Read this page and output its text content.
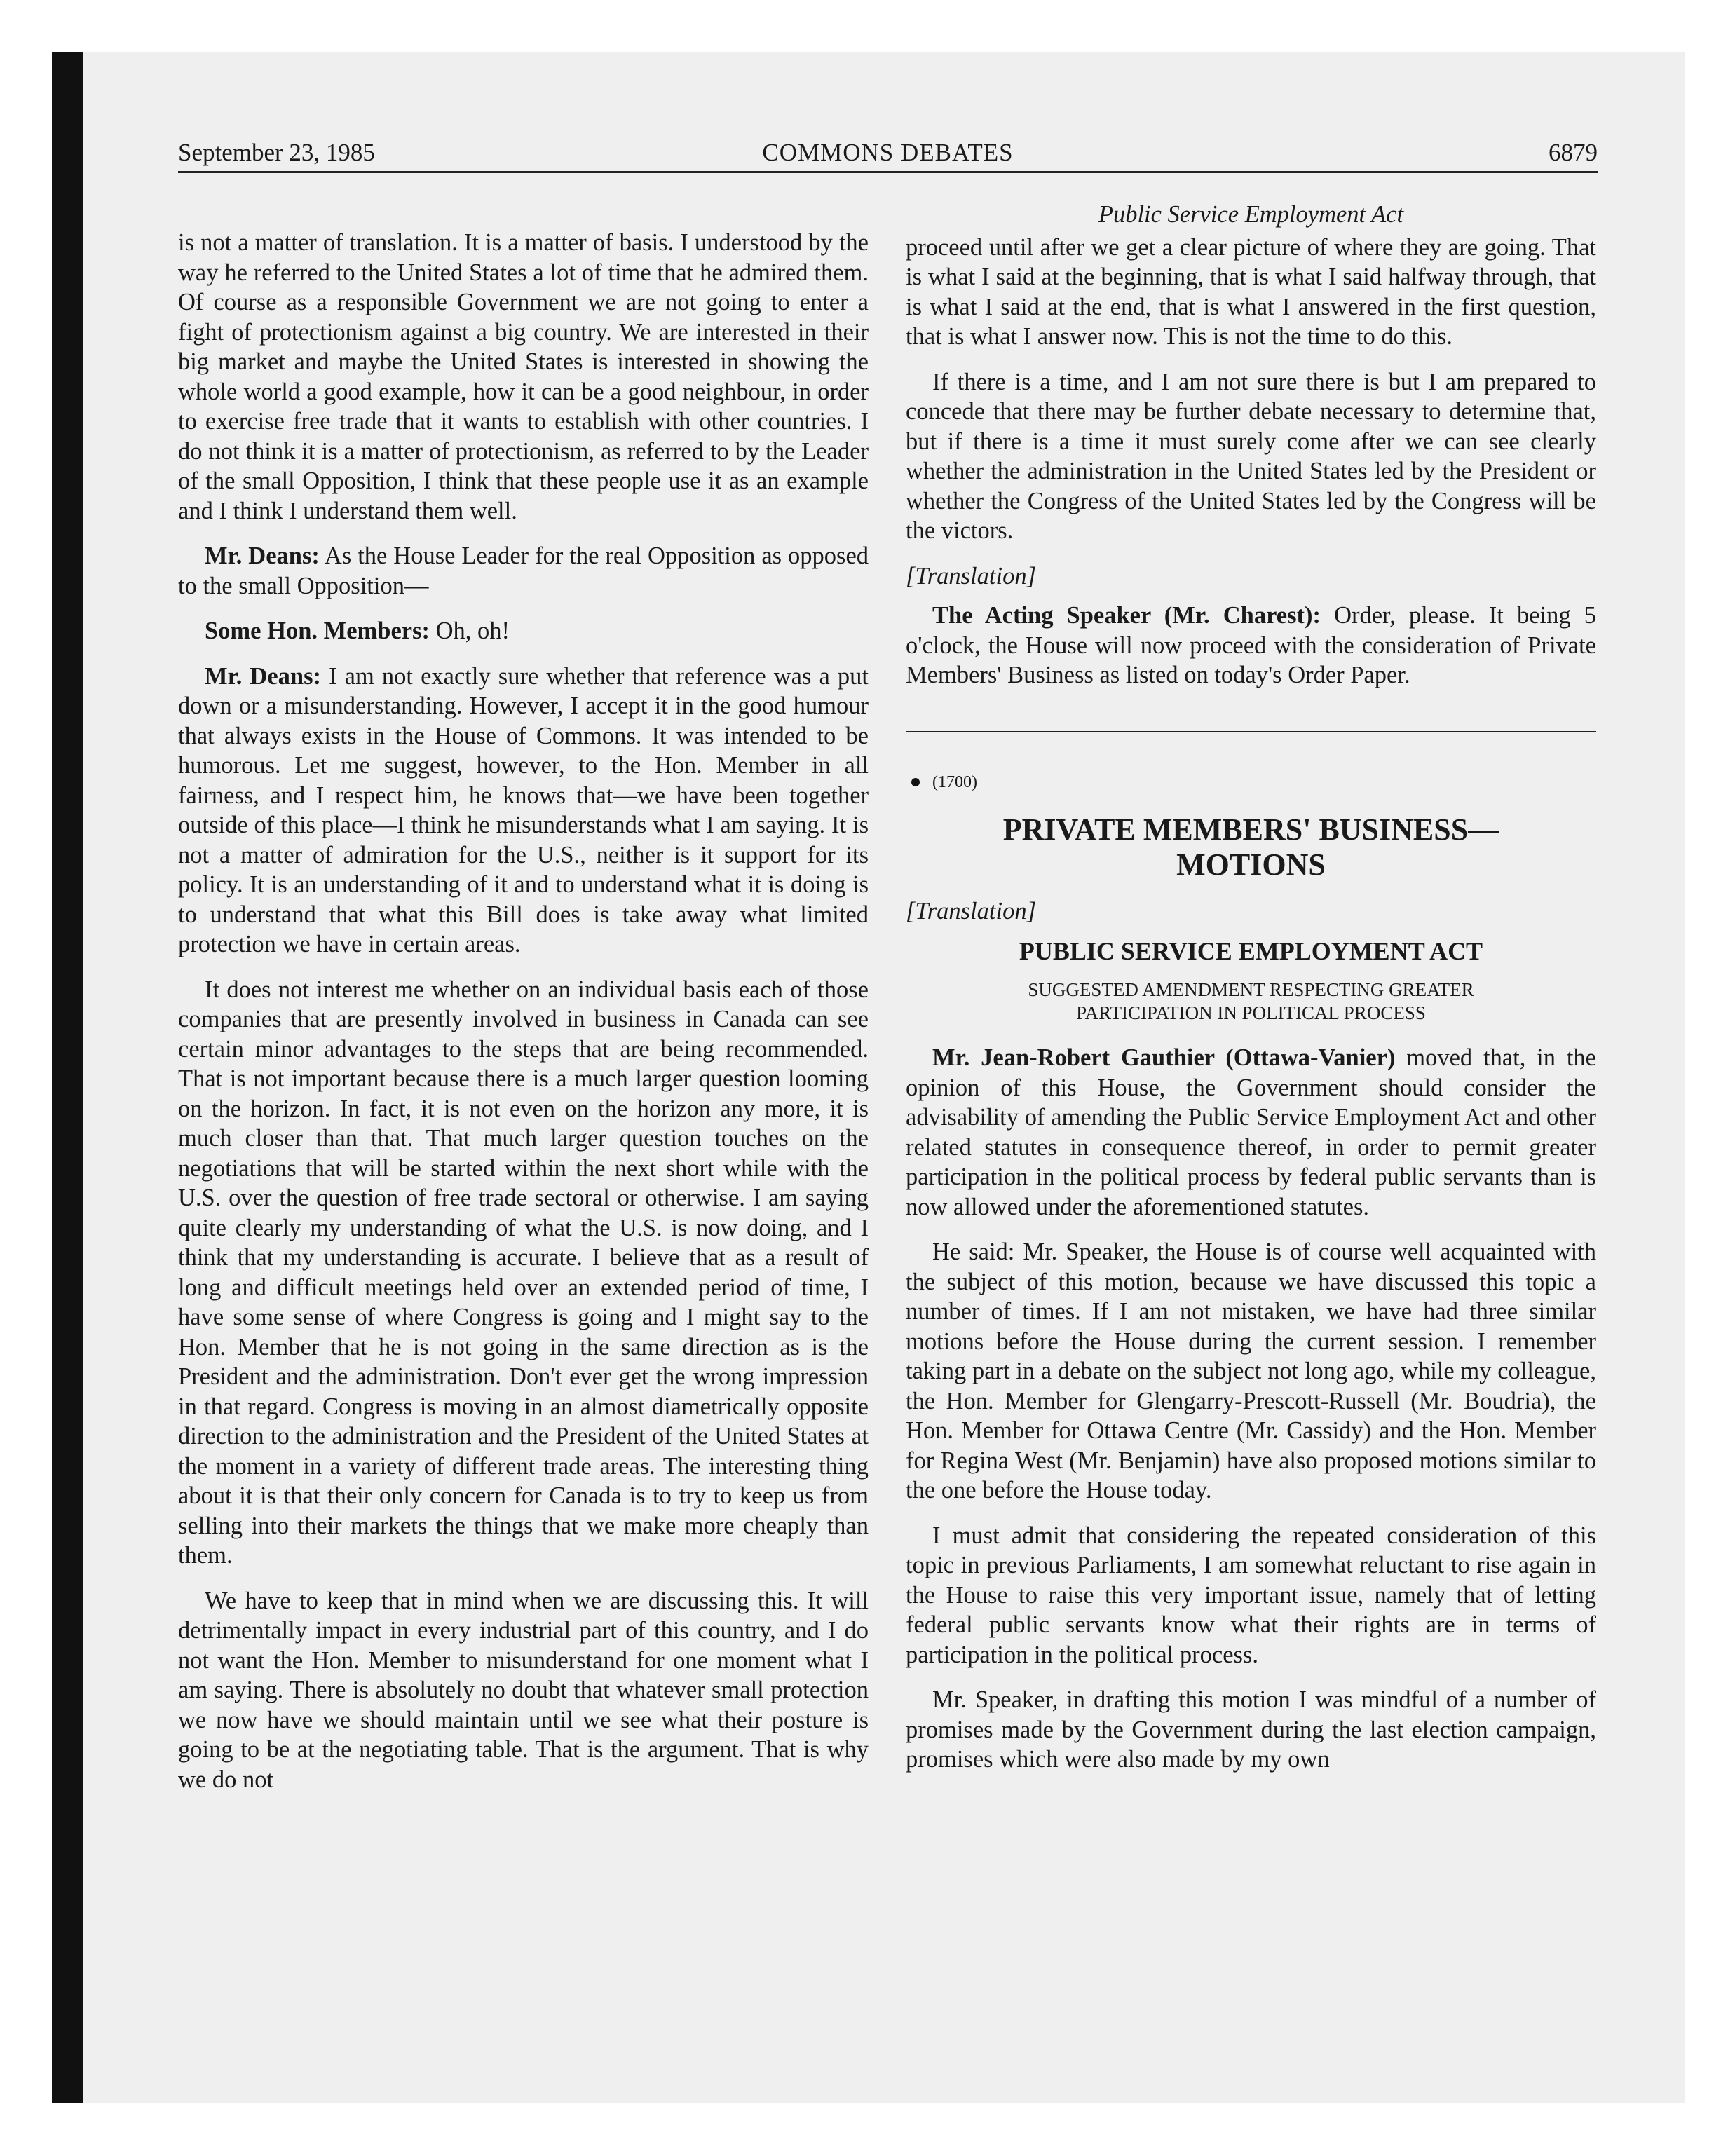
September 23, 1985	COMMONS DEBATES	6879

is not a matter of translation. It is a matter of basis. I understood by the way he referred to the United States a lot of time that he admired them. Of course as a responsible Government we are not going to enter a fight of protectionism against a big country. We are interested in their big market and maybe the United States is interested in showing the whole world a good example, how it can be a good neighbour, in order to exercise free trade that it wants to establish with other countries. I do not think it is a matter of protectionism, as referred to by the Leader of the small Opposition, I think that these people use it as an example and I think I understand them well.

Mr. Deans: As the House Leader for the real Opposition as opposed to the small Opposition—

Some Hon. Members: Oh, oh!

Mr. Deans: I am not exactly sure whether that reference was a put down or a misunderstanding. However, I accept it in the good humour that always exists in the House of Commons. It was intended to be humorous. Let me suggest, however, to the Hon. Member in all fairness, and I respect him, he knows that—we have been together outside of this place—I think he misunderstands what I am saying. It is not a matter of admiration for the U.S., neither is it support for its policy. It is an understanding of it and to understand what it is doing is to understand that what this Bill does is take away what limited protection we have in certain areas.

It does not interest me whether on an individual basis each of those companies that are presently involved in business in Canada can see certain minor advantages to the steps that are being recommended. That is not important because there is a much larger question looming on the horizon. In fact, it is not even on the horizon any more, it is much closer than that. That much larger question touches on the negotiations that will be started within the next short while with the U.S. over the question of free trade sectoral or otherwise. I am saying quite clearly my understanding of what the U.S. is now doing, and I think that my understanding is accurate. I believe that as a result of long and difficult meetings held over an extended period of time, I have some sense of where Congress is going and I might say to the Hon. Member that he is not going in the same direction as is the President and the administration. Don't ever get the wrong impression in that regard. Congress is moving in an almost diametrically opposite direction to the administration and the President of the United States at the moment in a variety of different trade areas. The interesting thing about it is that their only concern for Canada is to try to keep us from selling into their markets the things that we make more cheaply than them.

We have to keep that in mind when we are discussing this. It will detrimentally impact in every industrial part of this country, and I do not want the Hon. Member to misunderstand for one moment what I am saying. There is absolutely no doubt that whatever small protection we now have we should maintain until we see what their posture is going to be at the negotiating table. That is the argument. That is why we do not

Public Service Employment Act

proceed until after we get a clear picture of where they are going. That is what I said at the beginning, that is what I said halfway through, that is what I said at the end, that is what I answered in the first question, that is what I answer now. This is not the time to do this.

If there is a time, and I am not sure there is but I am prepared to concede that there may be further debate necessary to determine that, but if there is a time it must surely come after we can see clearly whether the administration in the United States led by the President or whether the Congress of the United States led by the Congress will be the victors.

[Translation]

The Acting Speaker (Mr. Charest): Order, please. It being 5 o'clock, the House will now proceed with the consideration of Private Members' Business as listed on today's Order Paper.

(1700)

PRIVATE MEMBERS' BUSINESS—
MOTIONS

[Translation]

PUBLIC SERVICE EMPLOYMENT ACT

SUGGESTED AMENDMENT RESPECTING GREATER
PARTICIPATION IN POLITICAL PROCESS

Mr. Jean-Robert Gauthier (Ottawa-Vanier) moved that, in the opinion of this House, the Government should consider the advisability of amending the Public Service Employment Act and other related statutes in consequence thereof, in order to permit greater participation in the political process by federal public servants than is now allowed under the aforementioned statutes.

He said: Mr. Speaker, the House is of course well acquainted with the subject of this motion, because we have discussed this topic a number of times. If I am not mistaken, we have had three similar motions before the House during the current session. I remember taking part in a debate on the subject not long ago, while my colleague, the Hon. Member for Glengarry-Prescott-Russell (Mr. Boudria), the Hon. Member for Ottawa Centre (Mr. Cassidy) and the Hon. Member for Regina West (Mr. Benjamin) have also proposed motions similar to the one before the House today.

I must admit that considering the repeated consideration of this topic in previous Parliaments, I am somewhat reluctant to rise again in the House to raise this very important issue, namely that of letting federal public servants know what their rights are in terms of participation in the political process.

Mr. Speaker, in drafting this motion I was mindful of a number of promises made by the Government during the last election campaign, promises which were also made by my own
